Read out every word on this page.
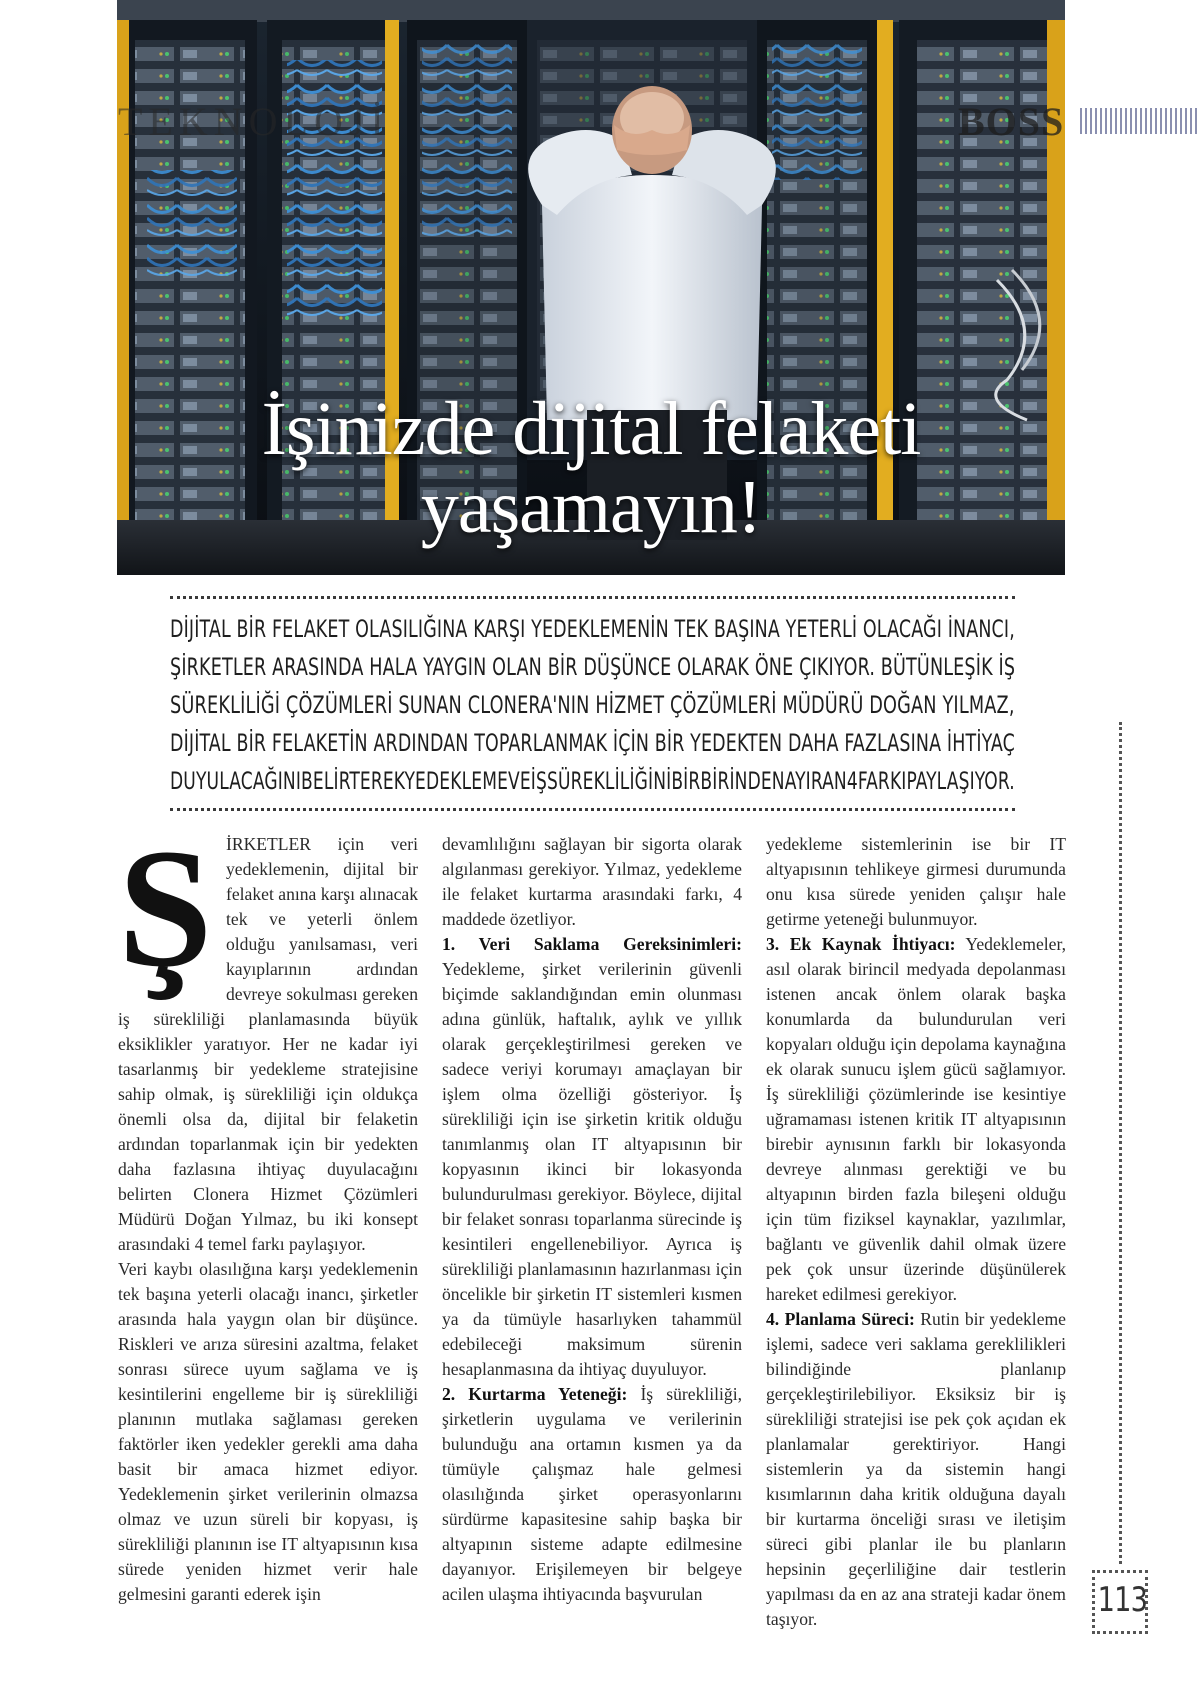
İşinizde dijital felaketi
yaşamayın!
TEKNOLOJİ	BOSS
DİJİTAL BİR FELAKET OLASILIĞINA KARŞI YEDEKLEMENİN TEK BAŞINA YETERLİ OLACAĞI İNANCI,
ŞİRKETLER ARASINDA HALA YAYGIN OLAN BİR DÜŞÜNCE OLARAK ÖNE ÇIKIYOR. BÜTÜNLEŞİK İŞ
SÜREKLİLİĞİ ÇÖZÜMLERİ SUNAN CLONERA'NIN HİZMET ÇÖZÜMLERİ MÜDÜRÜ DOĞAN YILMAZ,
DİJİTAL BİR FELAKETİN ARDINDAN TOPARLANMAK İÇİN BİR YEDEKTEN DAHA FAZLASINA İHTİYAÇ
DUYULACAĞINIBELİRTEREKYEDEKLEMEVEİŞSÜREKLİLİĞİNİBİRBİRİNDENAYIRAN4FARKIPAYLAŞIYOR.
Ş İRKETLER için veri yedeklemenin, dijital bir felaket anına karşı alınacak tek ve yeterli önlem olduğu yanılsaması, veri kayıplarının ardından devreye sokulması gereken iş sürekliliği planlamasında büyük eksiklikler yaratıyor. Her ne kadar iyi tasarlanmış bir yedekleme stratejisine sahip olmak, iş sürekliliği için oldukça önemli olsa da, dijital bir felaketin ardından toparlanmak için bir yedekten daha fazlasına ihtiyaç duyulacağını belirten Clonera Hizmet Çözümleri Müdürü Doğan Yılmaz, bu iki konsept arasındaki 4 temel farkı paylaşıyor.

Veri kaybı olasılığına karşı yedeklemenin tek başına yeterli olacağı inancı, şirketler arasında hala yaygın olan bir düşünce. Riskleri ve arıza süresini azaltma, felaket sonrası sürece uyum sağlama ve iş kesintilerini engelleme bir iş sürekliliği planının mutlaka sağlaması gereken faktörler iken yedekler gerekli ama daha basit bir amaca hizmet ediyor. Yedeklemenin şirket verilerinin olmazsa olmaz ve uzun süreli bir kopyası, iş sürekliliği planının ise IT altyapısının kısa sürede yeniden hizmet verir hale gelmesini garanti ederek işin

devamlılığını sağlayan bir sigorta olarak algılanması gerekiyor. Yılmaz, yedekleme ile felaket kurtarma arasındaki farkı, 4 maddede özetliyor.

1. Veri Saklama Gereksinimleri: Yedekleme, şirket verilerinin güvenli biçimde saklandığından emin olunması adına günlük, haftalık, aylık ve yıllık olarak gerçekleştirilmesi gereken ve sadece veriyi korumayı amaçlayan bir işlem olma özelliği gösteriyor. İş sürekliliği için ise şirketin kritik olduğu tanımlanmış olan IT altyapısının bir kopyasının ikinci bir lokasyonda bulundurulması gerekiyor. Böylece, dijital bir felaket sonrası toparlanma sürecinde iş kesintileri engellenebiliyor. Ayrıca iş sürekliliği planlamasının hazırlanması için öncelikle bir şirketin IT sistemleri kısmen ya da tümüyle hasarlıyken tahammül edebileceği maksimum sürenin hesaplanmasına da ihtiyaç duyuluyor.

2. Kurtarma Yeteneği: İş sürekliliği, şirketlerin uygulama ve verilerinin bulunduğu ana ortamın kısmen ya da tümüyle çalışmaz hale gelmesi olasılığında şirket operasyonlarını sürdürme kapasitesine sahip başka bir altyapının sisteme adapte edilmesine dayanıyor. Erişilemeyen bir belgeye acilen ulaşma ihtiyacında başvurulan

yedekleme sistemlerinin ise bir IT altyapısının tehlikeye girmesi durumunda onu kısa sürede yeniden çalışır hale getirme yeteneği bulunmuyor.

3. Ek Kaynak İhtiyacı: Yedeklemeler, asıl olarak birincil medyada depolanması istenen ancak önlem olarak başka konumlarda da bulundurulan veri kopyaları olduğu için depolama kaynağına ek olarak sunucu işlem gücü sağlamıyor. İş sürekliliği çözümlerinde ise kesintiye uğramaması istenen kritik IT altyapısının birebir aynısının farklı bir lokasyonda devreye alınması gerektiği ve bu altyapının birden fazla bileşeni olduğu için tüm fiziksel kaynaklar, yazılımlar, bağlantı ve güvenlik dahil olmak üzere pek çok unsur üzerinde düşünülerek hareket edilmesi gerekiyor.

4. Planlama Süreci: Rutin bir yedekleme işlemi, sadece veri saklama gereklilikleri bilindiğinde planlanıp gerçekleştirilebiliyor. Eksiksiz bir iş sürekliliği stratejisi ise pek çok açıdan ek planlamalar gerektiriyor. Hangi sistemlerin ya da sistemin hangi kısımlarının daha kritik olduğuna dayalı bir kurtarma önceliği sırası ve iletişim süreci gibi planlar ile bu planların hepsinin geçerliliğine dair testlerin yapılması da en az ana strateji kadar önem taşıyor.	113
